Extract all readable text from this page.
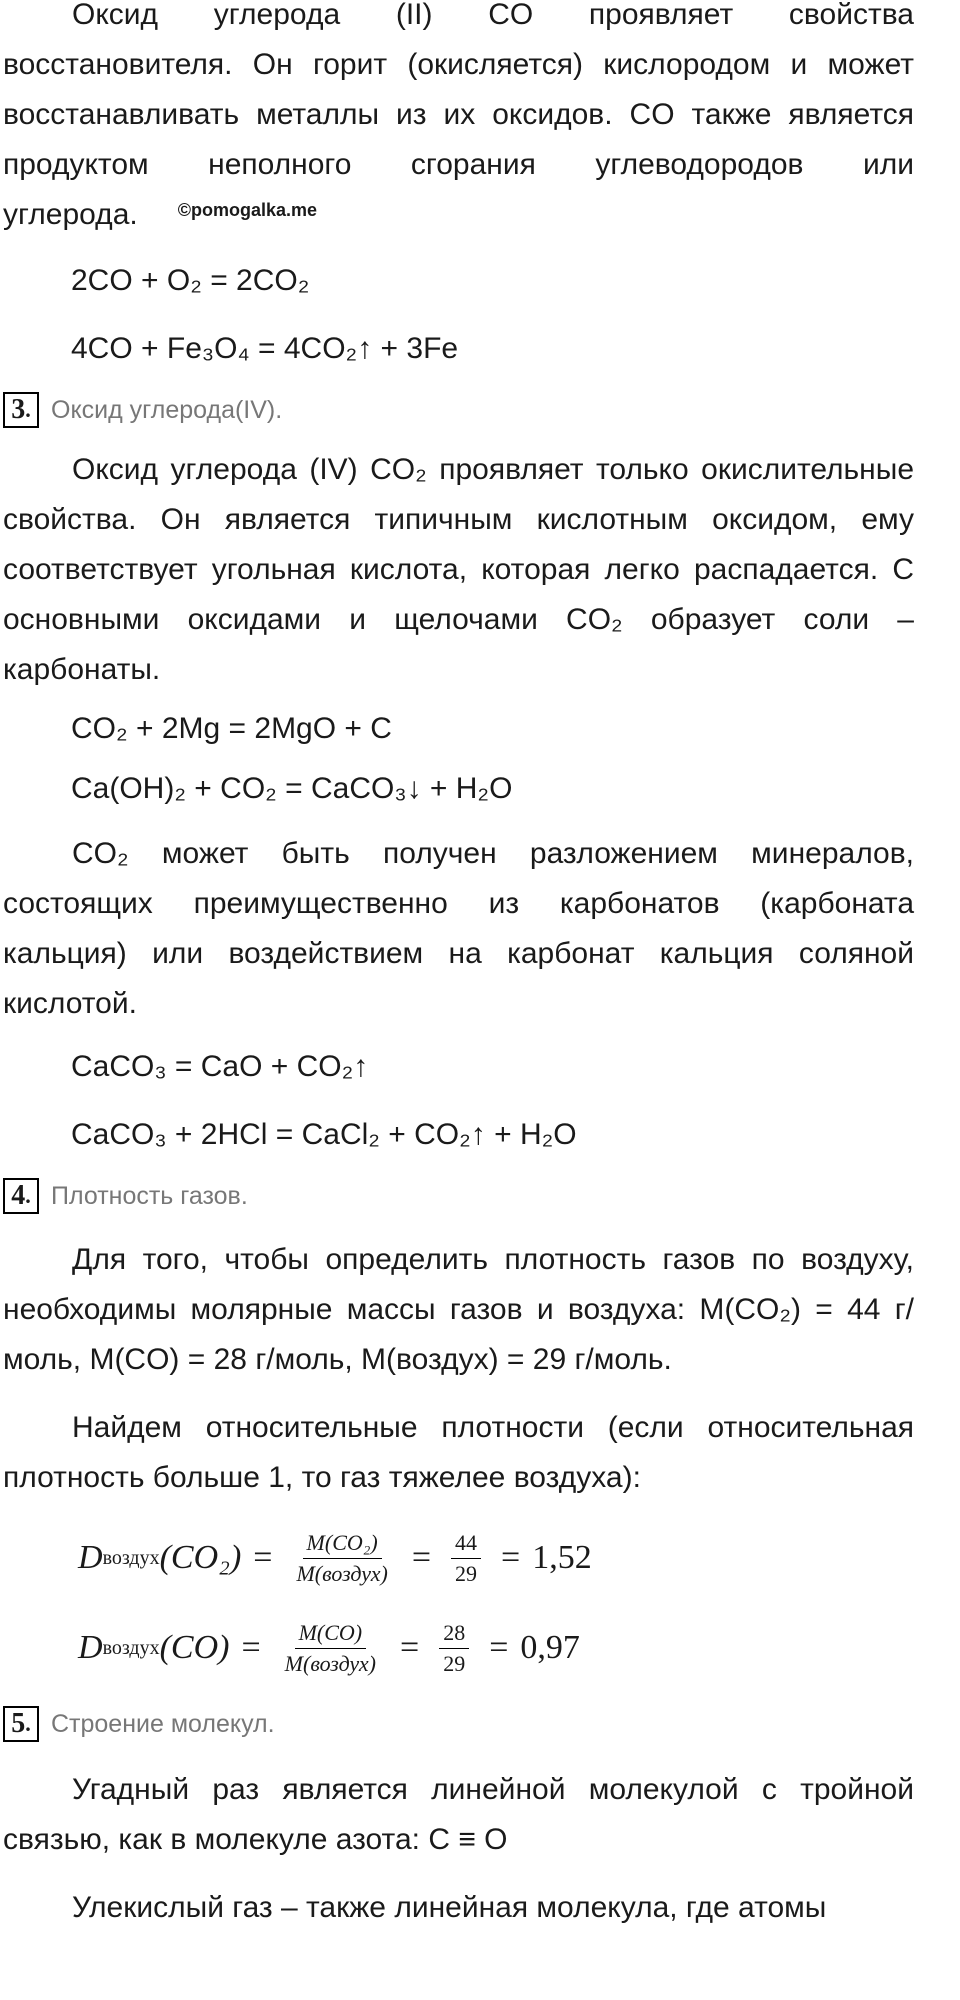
Оксид углерода (II) CO проявляет свойства восстановителя. Он горит (окисляется) кислородом и может восстанавливать металлы из их оксидов. CO также является продуктом неполного сгорания углеводородов или углерода. $^{©pomogalka.me}$

2CO + O₂ = 2CO₂
4CO + Fe₃O₄ = 4CO₂↑ + 3Fe
3 . Оксид углерода(IV).

Оксид углерода (IV) CO₂ проявляет только окислительные свойства. Он является типичным кислотным оксидом, ему соответствует угольная кислота, которая легко распадается. С основными оксидами и щелочами CO₂ образует соли – карбонаты.

CO₂ + 2Mg = 2MgO + C
Ca(OH)₂ + CO₂ = CaCO₃↓ + H₂O

CO₂ может быть получен разложением минералов, состоящих преимущественно из карбонатов (карбоната кальция) или воздействием на карбонат кальция соляной кислотой.

CaCO₃ = CaO + CO₂↑
CaCO₃ + 2HCl = CaCl₂ + CO₂↑ + H₂O
4 . Плотность газов.

Для того, чтобы определить плотность газов по воздуху, необходимы молярные массы газов и воздуха: M(CO₂) = 44 г/моль, M(CO) = 28 г/моль, M(воздух) = 29 г/моль.

Найдем относительные плотности (если относительная плотность больше 1, то газ тяжелее воздуха):

D воздух $(CO_2) = \frac{\text{M(CO₂)}}{\text{M(воздух)}} = \frac{44}{29} = 1,52$
D воздух $(CO) = \frac{M(CO)}{\text{M(воздух)}} = \frac{28}{29} = 0,97$
5 . Строение молекул.

Угадный раз является линейной молекулой с тройной связью, как в молекуле азота: C ≡ O

Улекислый газ – также линейная молекула, где атомы
